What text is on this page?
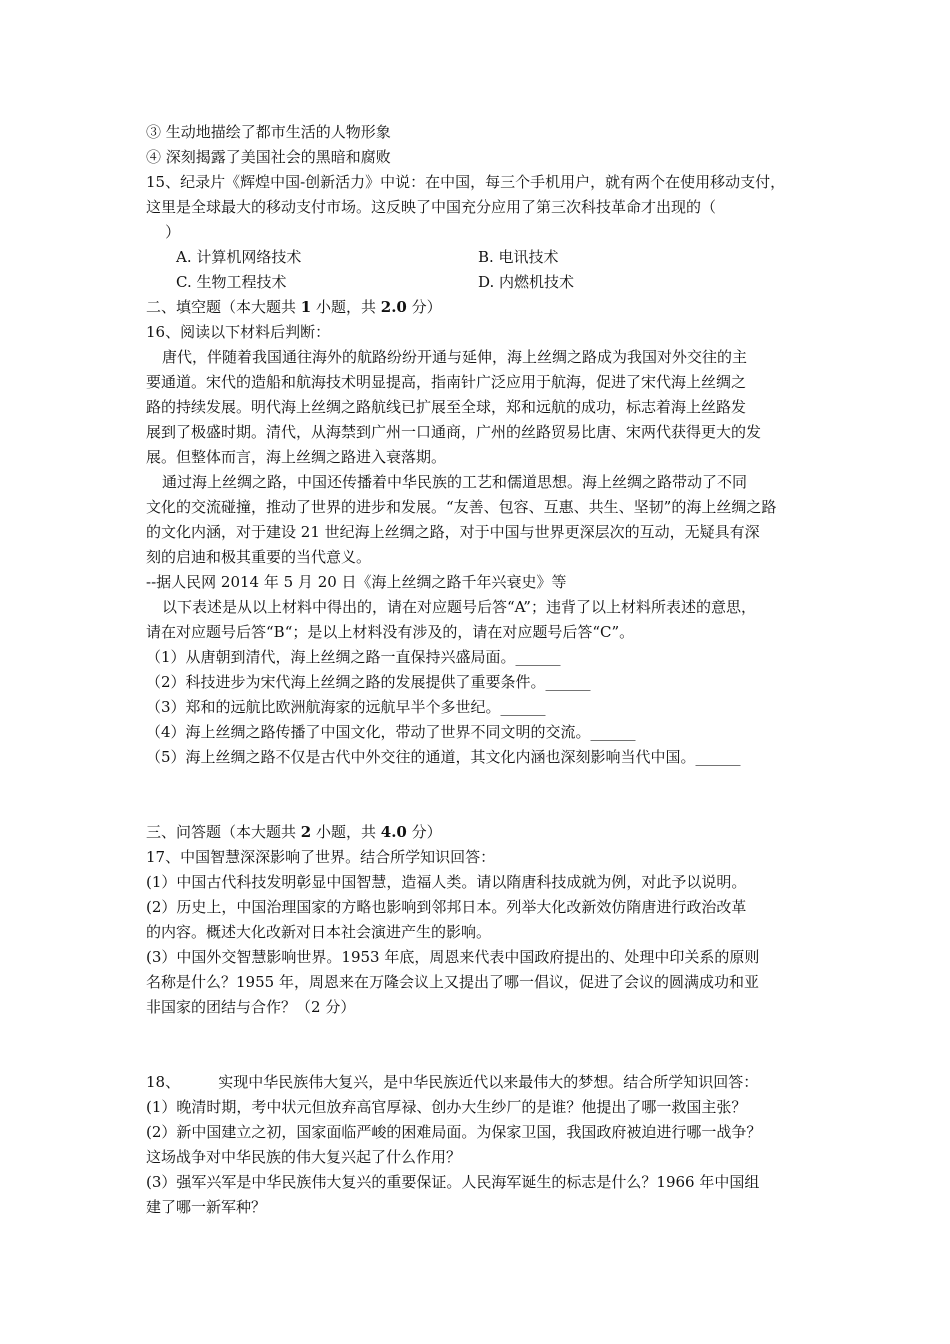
③ 生动地描绘了都市生活的人物形象
④ 深刻揭露了美国社会的黑暗和腐败
15、纪录片《辉煌中国-创新活力》中说：在中国，每三个手机用户，就有两个在使用移动支付，
这里是全球最大的移动支付市场。这反映了中国充分应用了第三次科技革命才出现的（
）
A. 计算机网络技术	B. 电讯技术
C. 生物工程技术	D. 内燃机技术
二、填空题（本大题共 1 小题，共 2.0 分）
16、阅读以下材料后判断：
唐代，伴随着我国通往海外的航路纷纷开通与延伸，海上丝绸之路成为我国对外交往的主
要通道。宋代的造船和航海技术明显提高，指南针广泛应用于航海，促进了宋代海上丝绸之
路的持续发展。明代海上丝绸之路航线已扩展至全球，郑和远航的成功，标志着海上丝路发
展到了极盛时期。清代，从海禁到广州一口通商，广州的丝路贸易比唐、宋两代获得更大的发
展。但整体而言，海上丝绸之路进入衰落期。
通过海上丝绸之路，中国还传播着中华民族的工艺和儒道思想。海上丝绸之路带动了不同
文化的交流碰撞，推动了世界的进步和发展。“友善、包容、互惠、共生、坚韧”的海上丝绸之路
的文化内涵，对于建设 21 世纪海上丝绸之路，对于中国与世界更深层次的互动，无疑具有深
刻的启迪和极其重要的当代意义。
--据人民网 2014 年 5 月 20 日《海上丝绸之路千年兴衰史》等
以下表述是从以上材料中得出的，请在对应题号后答“A”；违背了以上材料所表述的意思，
请在对应题号后答“B“；是以上材料没有涉及的，请在对应题号后答“C”。
（1）从唐朝到清代，海上丝绸之路一直保持兴盛局面。______
（2）科技进步为宋代海上丝绸之路的发展提供了重要条件。______
（3）郑和的远航比欧洲航海家的远航早半个多世纪。______
（4）海上丝绸之路传播了中国文化，带动了世界不同文明的交流。______
（5）海上丝绸之路不仅是古代中外交往的通道，其文化内涵也深刻影响当代中国。______
三、问答题（本大题共 2 小题，共 4.0 分）
17、中国智慧深深影响了世界。结合所学知识回答：
(1）中国古代科技发明彰显中国智慧，造福人类。请以隋唐科技成就为例，对此予以说明。
(2）历史上，中国治理国家的方略也影响到邻邦日本。列举大化改新效仿隋唐进行政治改革
的内容。概述大化改新对日本社会演进产生的影响。
(3）中国外交智慧影响世界。1953 年底，周恩来代表中国政府提出的、处理中印关系的原则
名称是什么？1955 年，周恩来在万隆会议上又提出了哪一倡议，促进了会议的圆满成功和亚
非国家的团结与合作？（2 分）
18、        实现中华民族伟大复兴，是中华民族近代以来最伟大的梦想。结合所学知识回答：
(1）晚清时期，考中状元但放弃高官厚禄、创办大生纱厂的是谁？他提出了哪一救国主张？
(2）新中国建立之初，国家面临严峻的困难局面。为保家卫国，我国政府被迫进行哪一战争？
这场战争对中华民族的伟大复兴起了什么作用？
(3）强军兴军是中华民族伟大复兴的重要保证。人民海军诞生的标志是什么？1966 年中国组
建了哪一新军种？
